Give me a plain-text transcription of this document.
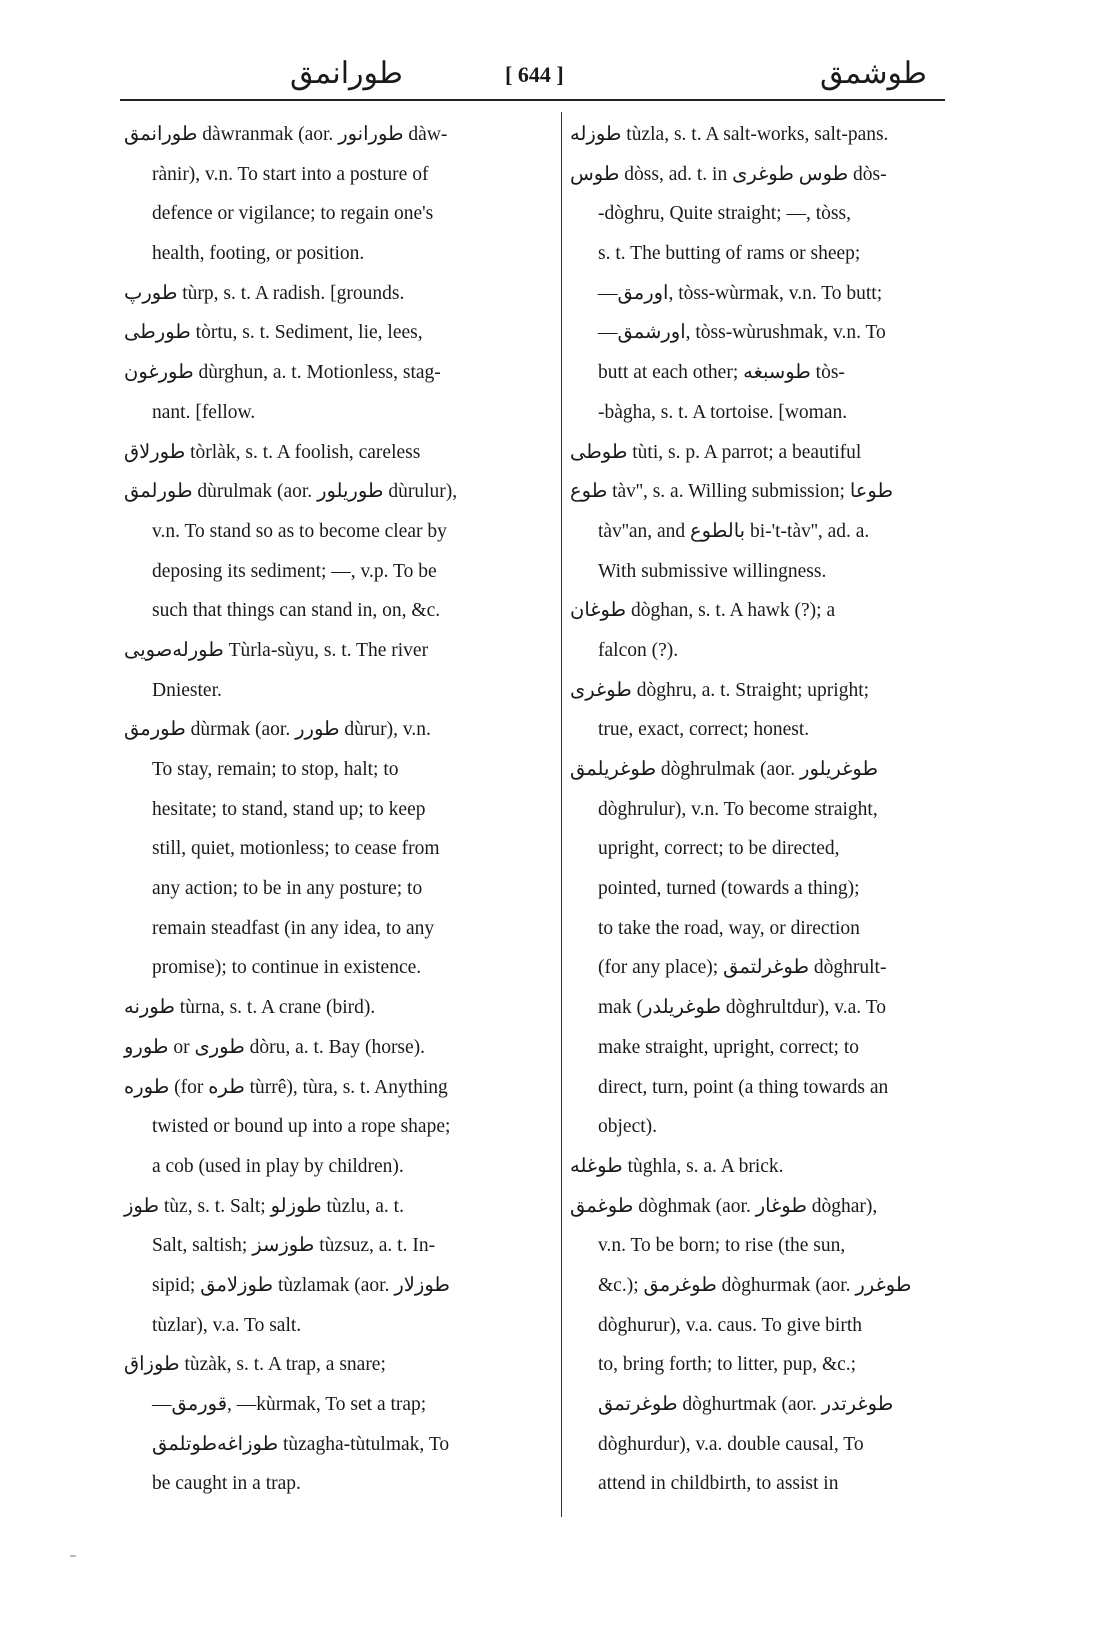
طورانمق	[ 644 ]	طوشمق
طورانمق dàwranmak (aor. طورانور dàw-
rànir), v.n. To start into a posture of
defence or vigilance; to regain one's
health, footing, or position.
طورپ tùrp, s. t. A radish. [grounds.
طورطی tòrtu, s. t. Sediment, lie, lees,
طورغون dùrghun, a. t. Motionless, stag-
nant. [fellow.
طورلاق tòrlàk, s. t. A foolish, careless
طورلمق dùrulmak (aor. طوریلور dùrulur),
v.n. To stand so as to become clear by
deposing its sediment; —, v.p. To be
such that things can stand in, on, &c.
طورلەصویی Tùrla-sùyu, s. t. The river
Dniester.
طورمق dùrmak (aor. طورر dùrur), v.n.
To stay, remain; to stop, halt; to
hesitate; to stand, stand up; to keep
still, quiet, motionless; to cease from
any action; to be in any posture; to
remain steadfast (in any idea, to any
promise); to continue in existence.
طورنه tùrna, s. t. A crane (bird).
طورو or طوری dòru, a. t. Bay (horse).
طوره (for طره tùrrê), tùra, s. t. Anything
twisted or bound up into a rope shape;
a cob (used in play by children).
طوز tùz, s. t. Salt; طوزلو tùzlu, a. t.
Salt, saltish; طوزسز tùzsuz, a. t. In-
sipid; طوزلامق tùzlamak (aor. طوزلار
tùzlar), v.a. To salt.
طوزاق tùzàk, s. t. A trap, a snare;
—قورمق, —kùrmak, To set a trap;
طوزاغەطوتلمق tùzagha-tùtulmak, To
be caught in a trap.
طوزله tùzla, s. t. A salt-works, salt-pans.
طوس dòss, ad. t. in طوس طوغری dòs-
-dòghru, Quite straight; —, tòss,
s. t. The butting of rams or sheep;
—اورمق, tòss-wùrmak, v.n. To butt;
—اورشمق, tòss-wùrushmak, v.n. To
butt at each other; طوسبغه tòs-
-bàgha, s. t. A tortoise. [woman.
طوطی tùti, s. p. A parrot; a beautiful
طوع tàv'', s. a. Willing submission; طوعا
tàv''an, and بالطوع bi-'t-tàv'', ad. a.
With submissive willingness.
طوغان dòghan, s. t. A hawk (?); a
falcon (?).
طوغری dòghru, a. t. Straight; upright;
true, exact, correct; honest.
طوغریلمق dòghrulmak (aor. طوغریلور
dòghrulur), v.n. To become straight,
upright, correct; to be directed,
pointed, turned (towards a thing);
to take the road, way, or direction
(for any place); طوغرلتمق dòghrult-
mak (طوغریلدر dòghrultdur), v.a. To
make straight, upright, correct; to
direct, turn, point (a thing towards an
object).
طوغله tùghla, s. a. A brick.
طوغمق dòghmak (aor. طوغار dòghar),
v.n. To be born; to rise (the sun,
&c.); طوغرمق dòghurmak (aor. طوغرر
dòghurur), v.a. caus. To give birth
to, bring forth; to litter, pup, &c.;
طوغرتمق dòghurtmak (aor. طوغرتدر
dòghurdur), v.a. double causal, To
attend in childbirth, to assist in
